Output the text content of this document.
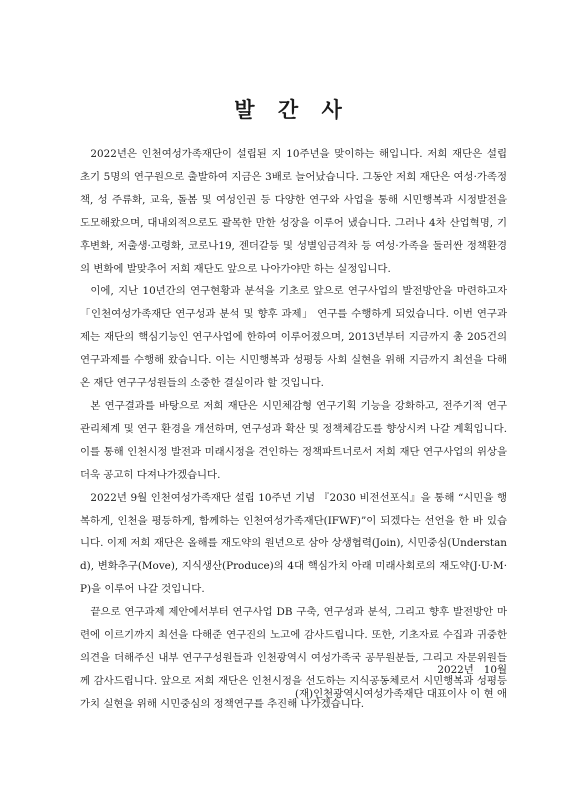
발 간 사

2022년은 인천여성가족재단이 설립된 지 10주년을 맞이하는 해입니다. 저희 재단은 설립 초기 5명의 연구원으로 출발하여 지금은 3배로 늘어났습니다. 그동안 저희 재단은 여성·가족정책, 성 주류화, 교육, 돌봄 및 여성인권 등 다양한 연구와 사업을 통해 시민행복과 시정발전을 도모해왔으며, 대내외적으로도 괄목한 만한 성장을 이루어 냈습니다. 그러나 4차 산업혁명, 기후변화, 저출생·고령화, 코로나19, 젠더갈등 및 성별임금격차 등 여성·가족을 둘러싼 정책환경의 변화에 발맞추어 저희 재단도 앞으로 나아가야만 하는 실정입니다.

이에, 지난 10년간의 연구현황과 분석을 기초로 앞으로 연구사업의 발전방안을 마련하고자 「인천여성가족재단 연구성과 분석 및 향후 과제」 연구를 수행하게 되었습니다. 이번 연구과제는 재단의 핵심기능인 연구사업에 한하여 이루어졌으며, 2013년부터 지금까지 총 205건의 연구과제를 수행해 왔습니다. 이는 시민행복과 성평등 사회 실현을 위해 지금까지 최선을 다해 온 재단 연구구성원들의 소중한 결실이라 할 것입니다.

본 연구결과를 바탕으로 저희 재단은 시민체감형 연구기획 기능을 강화하고, 전주기적 연구관리체계 및 연구 환경을 개선하며, 연구성과 확산 및 정책체감도를 향상시켜 나갈 계획입니다. 이를 통해 인천시정 발전과 미래시정을 견인하는 정책파트너로서 저희 재단 연구사업의 위상을 더욱 공고히 다져나가겠습니다.

2022년 9월 인천여성가족재단 설립 10주년 기념 『2030 비전선포식』을 통해 “시민을 행복하게, 인천을 평등하게, 함께하는 인천여성가족재단(IFWF)”이 되겠다는 선언을 한 바 있습니다. 이제 저희 재단은 올해를 재도약의 원년으로 삼아 상생협력(Join), 시민중심(Understand), 변화추구(Move), 지식생산(Produce)의 4대 핵심가치 아래 미래사회로의 재도약(J·U·M·P)을 이루어 나갈 것입니다.

끝으로 연구과제 제안에서부터 연구사업 DB 구축, 연구성과 분석, 그리고 향후 발전방안 마련에 이르기까지 최선을 다해준 연구진의 노고에 감사드립니다. 또한, 기초자료 수집과 귀중한 의견을 더해주신 내부 연구구성원들과 인천광역시 여성가족국 공무원분들, 그리고 자문위원들께 감사드립니다. 앞으로 저희 재단은 인천시정을 선도하는 지식공동체로서 시민행복과 성평등 가치 실현을 위해 시민중심의 정책연구를 추진해 나가겠습니다.

2022년   10월
(재)인천광역시여성가족재단 대표이사 이 현 애
